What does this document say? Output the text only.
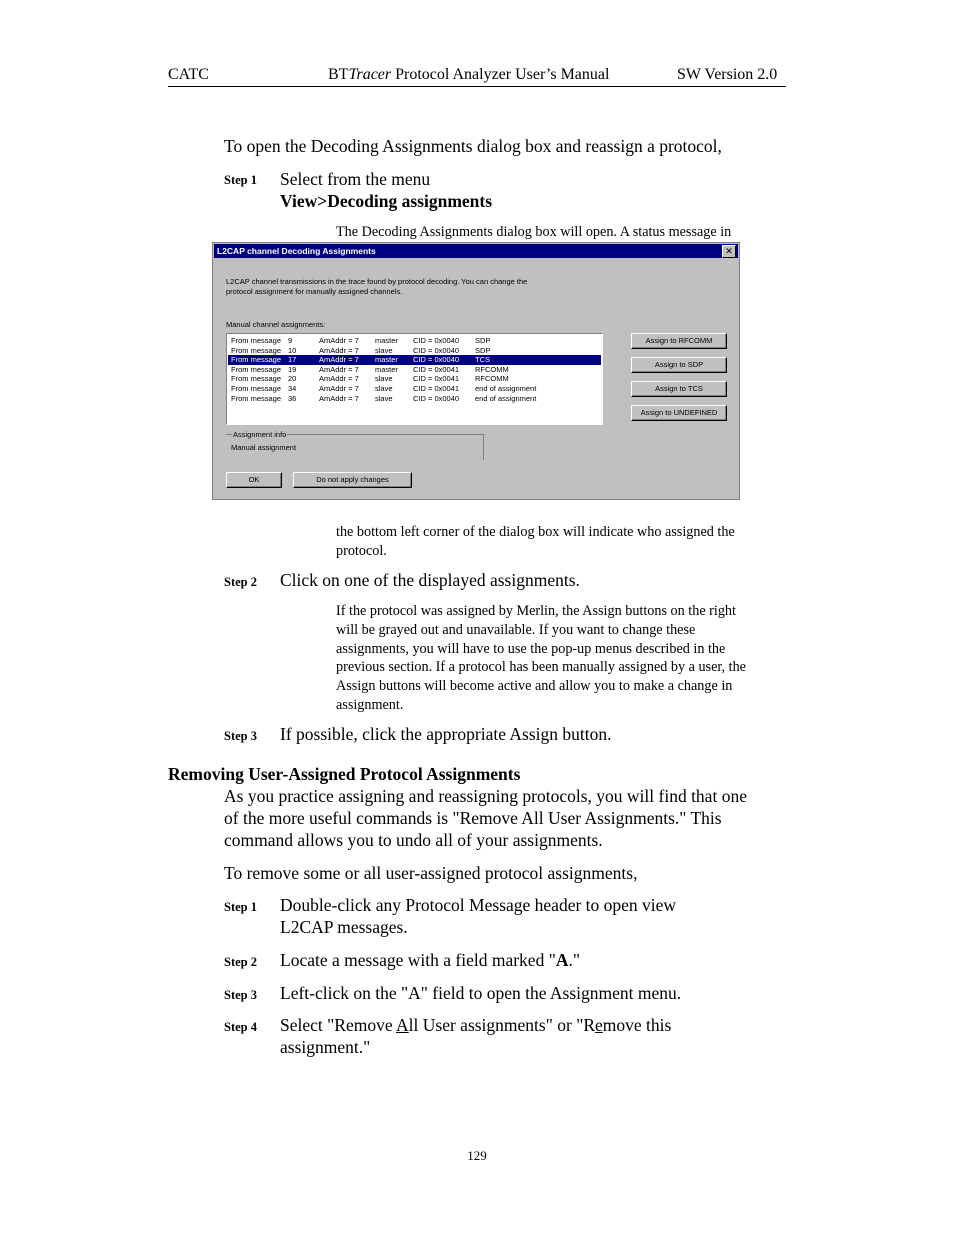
CATC	BTTracer Protocol Analyzer User’s Manual	SW Version 2.0
To open the Decoding Assignments dialog box and reassign a protocol,
Step 1 Select from the menu
View>Decoding assignments
The Decoding Assignments dialog box will open. A status message in
L2CAP channel Decoding Assignments	✕
L2CAP channel transmissions in the trace found by protocol decoding. You can change the
protocol assignment for manually assigned channels.
Manual channel assignments:
From message 9	AmAddr = 7 master CID = 0x0040 SDP
From message 10	AmAddr = 7 slave	CID = 0x0040 SDP
From message 17	AmAddr = 7 master CID = 0x0040 TCS
From message 19	AmAddr = 7 master CID = 0x0041 RFCOMM
From message 20	AmAddr = 7 slave	CID = 0x0041 RFCOMM
From message 34	AmAddr = 7 slave	CID = 0x0041 end of assignment
From message 36	AmAddr = 7 slave	CID = 0x0040 end of assignment
Assign to RFCOMM
Assign to SDP
Assign to TCS
Assign to UNDEFINED
Assignment info
Manual assignment
OK	Do not apply changes
the bottom left corner of the dialog box will indicate who assigned the
protocol.
Step 2 Click on one of the displayed assignments.
If the protocol was assigned by Merlin, the Assign buttons on the right
will be grayed out and unavailable. If you want to change these
assignments, you will have to use the pop-up menus described in the
previous section. If a protocol has been manually assigned by a user, the
Assign buttons will become active and allow you to make a change in
assignment.
Step 3 If possible, click the appropriate Assign button.
Removing User-Assigned Protocol Assignments
As you practice assigning and reassigning protocols, you will find that one
of the more useful commands is "Remove All User Assignments." This
command allows you to undo all of your assignments.
To remove some or all user-assigned protocol assignments,
Step 1 Double-click any Protocol Message header to open view
L2CAP messages.
Step 2 Locate a message with a field marked "A."
Step 3 Left-click on the "A" field to open the Assignment menu.
Step 4 Select "Remove All User assignments" or "Remove this
assignment."
129
